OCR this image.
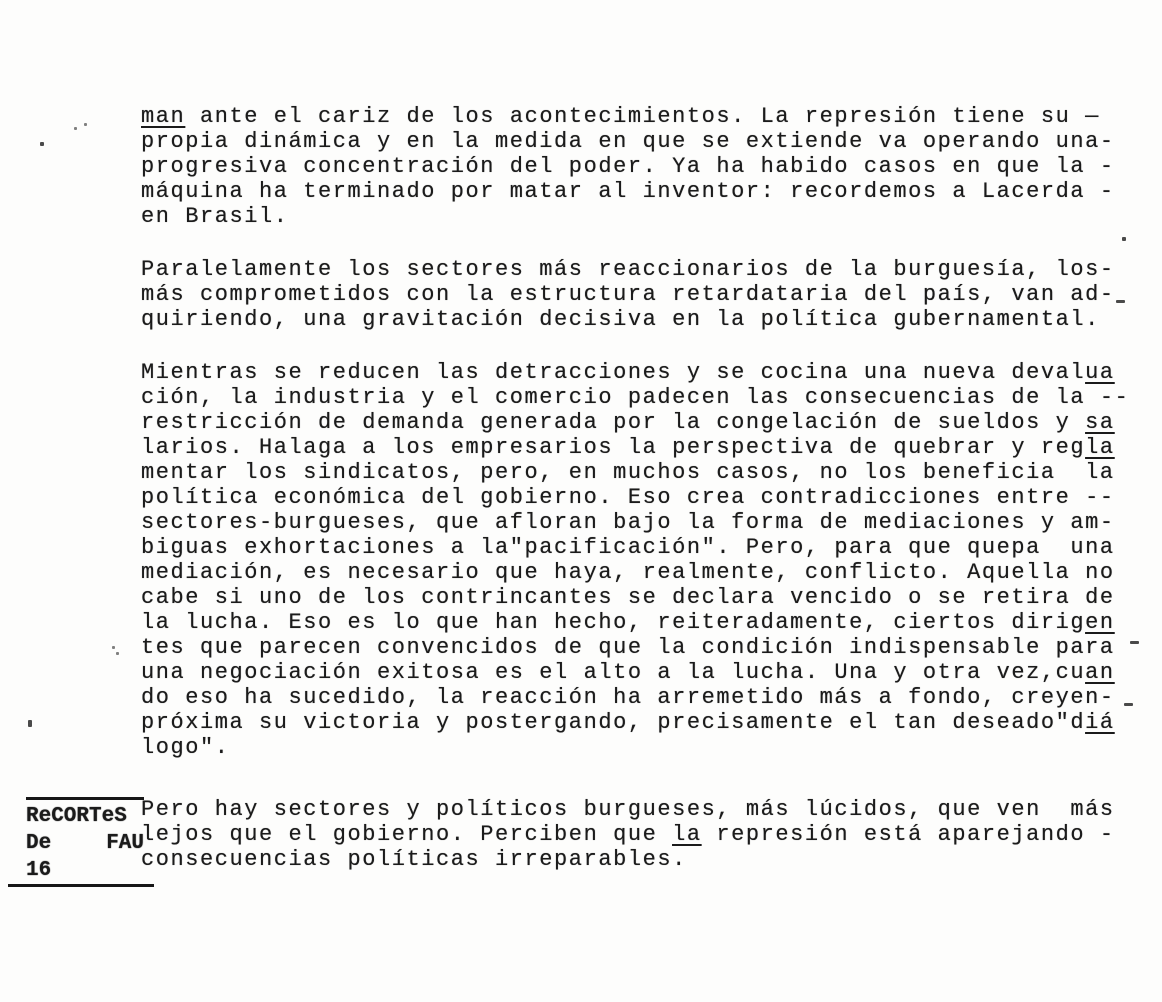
ReCORTeS
De	FAU
16
man ante el cariz de los acontecimientos. La represión tiene su —
propia dinámica y en la medida en que se extiende va operando una-
progresiva concentración del poder. Ya ha habido casos en que la -
máquina ha terminado por matar al inventor: recordemos a Lacerda -
en Brasil.
Paralelamente los sectores más reaccionarios de la burguesía, los-
más comprometidos con la estructura retardataria del país, van ad-
quiriendo, una gravitación decisiva en la política gubernamental.
Mientras se reducen las detracciones y se cocina una nueva devalua
ción, la industria y el comercio padecen las consecuencias de la --
restricción de demanda generada por la congelación de sueldos y sa
larios. Halaga a los empresarios la perspectiva de quebrar y regla
mentar los sindicatos, pero, en muchos casos, no los beneficia  la
política económica del gobierno. Eso crea contradicciones entre --
sectores-burgueses, que afloran bajo la forma de mediaciones y am-
biguas exhortaciones a la"pacificación". Pero, para que quepa  una
mediación, es necesario que haya, realmente, conflicto. Aquella no
cabe si uno de los contrincantes se declara vencido o se retira de
la lucha. Eso es lo que han hecho, reiteradamente, ciertos dirigen
tes que parecen convencidos de que la condición indispensable para
una negociación exitosa es el alto a la lucha. Una y otra vez,cuan
do eso ha sucedido, la reacción ha arremetido más a fondo, creyen-
próxima su victoria y postergando, precisamente el tan deseado"diá
logo".
Pero hay sectores y políticos burgueses, más lúcidos, que ven  más
lejos que el gobierno. Perciben que la represión está aparejando -
consecuencias políticas irreparables.
